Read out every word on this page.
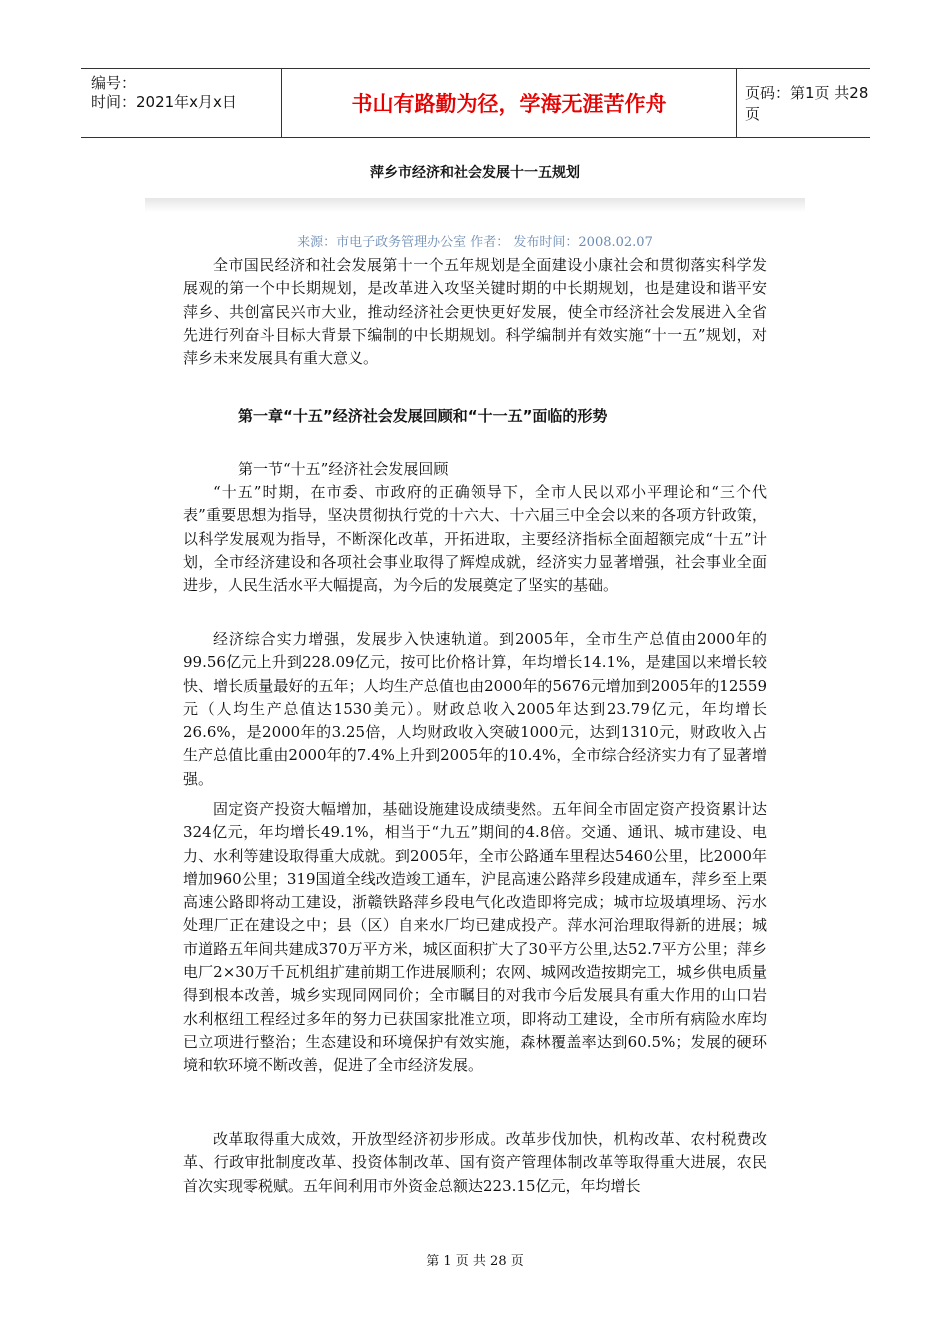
编号：
时间：2021年x月x日	书山有路勤为径，学海无涯苦作舟	页码：第1页 共28页
萍乡市经济和社会发展十一五规划
来源：市电子政务管理办公室 作者： 发布时间：2008.02.07

全市国民经济和社会发展第十一个五年规划是全面建设小康社会和贯彻落实科学发展观的第一个中长期规划，是改革进入攻坚关键时期的中长期规划，也是建设和谐平安萍乡、共创富民兴市大业，推动经济社会更快更好发展，使全市经济社会发展进入全省先进行列奋斗目标大背景下编制的中长期规划。科学编制并有效实施“十一五”规划，对萍乡未来发展具有重大意义。

第一章“十五”经济社会发展回顾和“十一五”面临的形势
第一节“十五”经济社会发展回顾

“十五”时期，在市委、市政府的正确领导下，全市人民以邓小平理论和“三个代表”重要思想为指导，坚决贯彻执行党的十六大、十六届三中全会以来的各项方针政策，以科学发展观为指导，不断深化改革，开拓进取，主要经济指标全面超额完成“十五”计划，全市经济建设和各项社会事业取得了辉煌成就，经济实力显著增强，社会事业全面进步，人民生活水平大幅提高，为今后的发展奠定了坚实的基础。

经济综合实力增强，发展步入快速轨道。到2005年，全市生产总值由2000年的99.56亿元上升到228.09亿元，按可比价格计算，年均增长14.1%，是建国以来增长较快、增长质量最好的五年；人均生产总值也由2000年的5676元增加到2005年的12559元（人均生产总值达1530美元）。财政总收入2005年达到23.79亿元，年均增长26.6%，是2000年的3.25倍，人均财政收入突破1000元，达到1310元，财政收入占生产总值比重由2000年的7.4%上升到2005年的10.4%，全市综合经济实力有了显著增强。

固定资产投资大幅增加，基础设施建设成绩斐然。五年间全市固定资产投资累计达324亿元，年均增长49.1%，相当于“九五”期间的4.8倍。交通、通讯、城市建设、电力、水利等建设取得重大成就。到2005年，全市公路通车里程达5460公里，比2000年增加960公里；319国道全线改造竣工通车，沪昆高速公路萍乡段建成通车，萍乡至上栗高速公路即将动工建设，浙赣铁路萍乡段电气化改造即将完成；城市垃圾填埋场、污水处理厂正在建设之中；县（区）自来水厂均已建成投产。萍水河治理取得新的进展；城市道路五年间共建成370万平方米，城区面积扩大了30平方公里,达52.7平方公里；萍乡电厂2×30万千瓦机组扩建前期工作进展顺利；农网、城网改造按期完工，城乡供电质量得到根本改善，城乡实现同网同价；全市瞩目的对我市今后发展具有重大作用的山口岩水利枢纽工程经过多年的努力已获国家批准立项，即将动工建设，全市所有病险水库均已立项进行整治；生态建设和环境保护有效实施，森林覆盖率达到60.5%；发展的硬环境和软环境不断改善，促进了全市经济发展。

改革取得重大成效，开放型经济初步形成。改革步伐加快，机构改革、农村税费改革、行政审批制度改革、投资体制改革、国有资产管理体制改革等取得重大进展，农民首次实现零税赋。五年间利用市外资金总额达223.15亿元，年均增长

第 1 页 共 28 页
